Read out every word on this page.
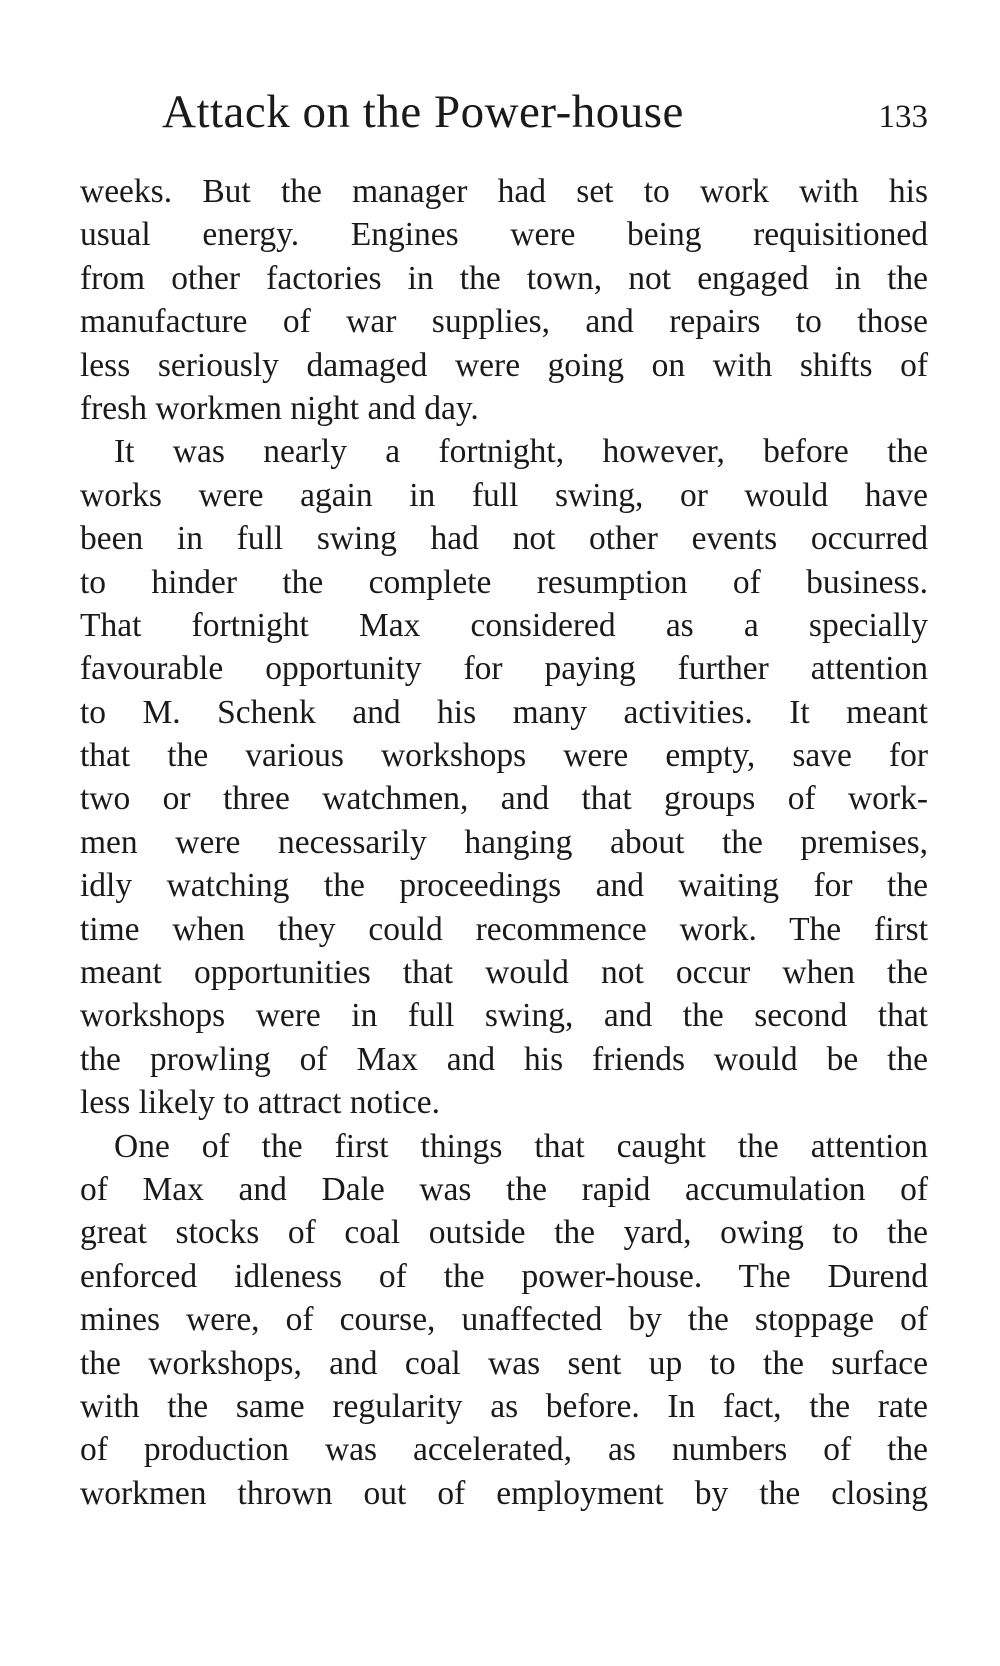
Attack on the Power-house	133
weeks. But the manager had set to work with his
usual energy. Engines were being requisitioned
from other factories in the town, not engaged in the
manufacture of war supplies, and repairs to those
less seriously damaged were going on with shifts of
fresh workmen night and day.
It was nearly a fortnight, however, before the
works were again in full swing, or would have
been in full swing had not other events occurred
to hinder the complete resumption of business.
That fortnight Max considered as a specially
favourable opportunity for paying further attention
to M. Schenk and his many activities. It meant
that the various workshops were empty, save for
two or three watchmen, and that groups of work-
men were necessarily hanging about the premises,
idly watching the proceedings and waiting for the
time when they could recommence work. The first
meant opportunities that would not occur when the
workshops were in full swing, and the second that
the prowling of Max and his friends would be the
less likely to attract notice.
One of the first things that caught the attention
of Max and Dale was the rapid accumulation of
great stocks of coal outside the yard, owing to the
enforced idleness of the power-house. The Durend
mines were, of course, unaffected by the stoppage of
the workshops, and coal was sent up to the surface
with the same regularity as before. In fact, the rate
of production was accelerated, as numbers of the
workmen thrown out of employment by the closing
